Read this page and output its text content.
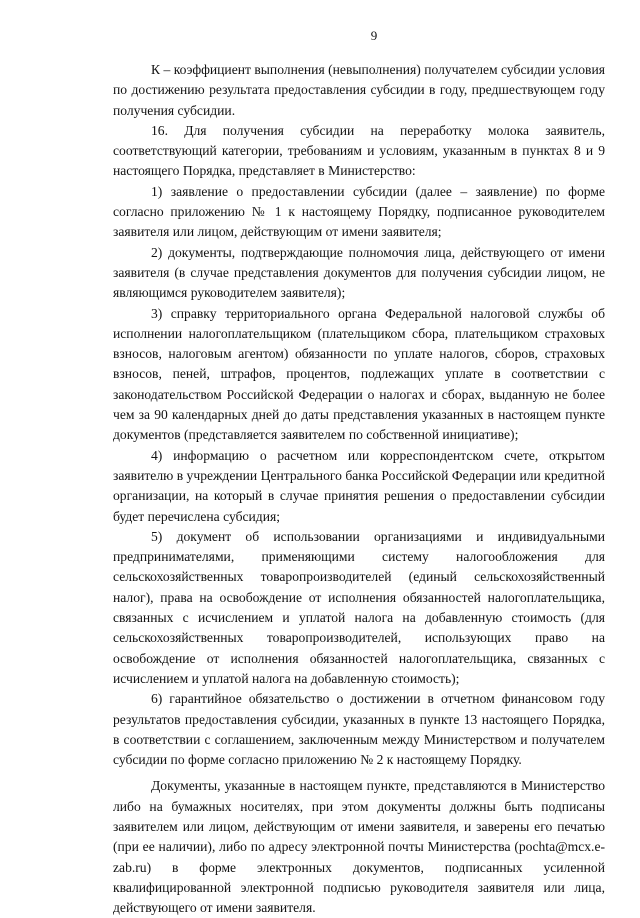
9

К – коэффициент выполнения (невыполнения) получателем субсидии условия по достижению результата предоставления субсидии в году, предшествующем году получения субсидии.

16. Для получения субсидии на переработку молока заявитель, соответствующий категории, требованиям и условиям, указанным в пунктах 8 и 9 настоящего Порядка, представляет в Министерство:

1) заявление о предоставлении субсидии (далее – заявление) по форме согласно приложению № 1 к настоящему Порядку, подписанное руководителем заявителя или лицом, действующим от имени заявителя;

2) документы, подтверждающие полномочия лица, действующего от имени заявителя (в случае представления документов для получения субсидии лицом, не являющимся руководителем заявителя);

3) справку территориального органа Федеральной налоговой службы об исполнении налогоплательщиком (плательщиком сбора, плательщиком страховых взносов, налоговым агентом) обязанности по уплате налогов, сборов, страховых взносов, пеней, штрафов, процентов, подлежащих уплате в соответствии с законодательством Российской Федерации о налогах и сборах, выданную не более чем за 90 календарных дней до даты представления указанных в настоящем пункте документов (представляется заявителем по собственной инициативе);

4) информацию о расчетном или корреспондентском счете, открытом заявителю в учреждении Центрального банка Российской Федерации или кредитной организации, на который в случае принятия решения о предоставлении субсидии будет перечислена субсидия;

5) документ об использовании организациями и индивидуальными предпринимателями, применяющими систему налогообложения для сельскохозяйственных товаропроизводителей (единый сельскохозяйственный налог), права на освобождение от исполнения обязанностей налогоплательщика, связанных с исчислением и уплатой налога на добавленную стоимость (для сельскохозяйственных товаропроизводителей, использующих право на освобождение от исполнения обязанностей налогоплательщика, связанных с исчислением и уплатой налога на добавленную стоимость);

6) гарантийное обязательство о достижении в отчетном финансовом году результатов предоставления субсидии, указанных в пункте 13 настоящего Порядка, в соответствии с соглашением, заключенным между Министерством и получателем субсидии по форме согласно приложению № 2 к настоящему Порядку.

Документы, указанные в настоящем пункте, представляются в Министерство либо на бумажных носителях, при этом документы должны быть подписаны заявителем или лицом, действующим от имени заявителя, и заверены его печатью (при ее наличии), либо по адресу электронной почты Министерства (pochta@mcx.e-zab.ru) в форме электронных документов, подписанных усиленной квалифицированной электронной подписью руководителя заявителя или лица, действующего от имени заявителя.
